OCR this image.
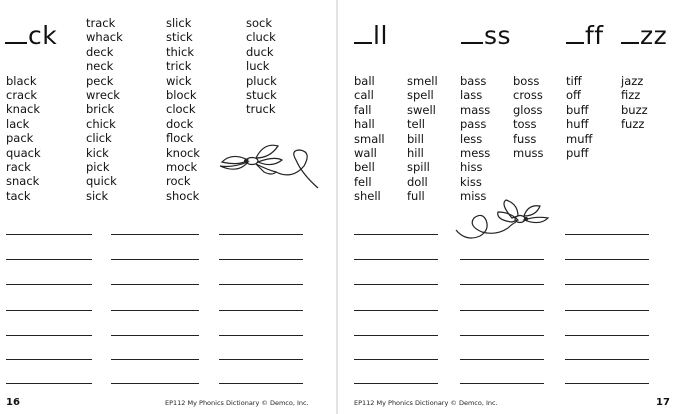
ck
black
crack
knack
lack
pack
quack
rack
snack
tack
track
whack
deck
neck
peck
wreck
brick
chick
click
kick
pick
quick
sick
slick
stick
thick
trick
wick
block
clock
dock
flock
knock
mock
rock
shock
sock
cluck
duck
luck
pluck
stuck
truck
16	EP112 My Phonics Dictionary © Demco, Inc.
ll	ss	ff	zz
ball
call
fall
hall
small
wall
bell
fell
shell
smell
spell
swell
tell
bill
hill
spill
doll
full
bass
lass
mass
pass
less
mess
hiss
kiss
miss
boss
cross
gloss
toss
fuss
muss
tiff
off
buff
huff
muff
puff
jazz
fizz
buzz
fuzz
EP112 My Phonics Dictionary © Demco, Inc.	17
